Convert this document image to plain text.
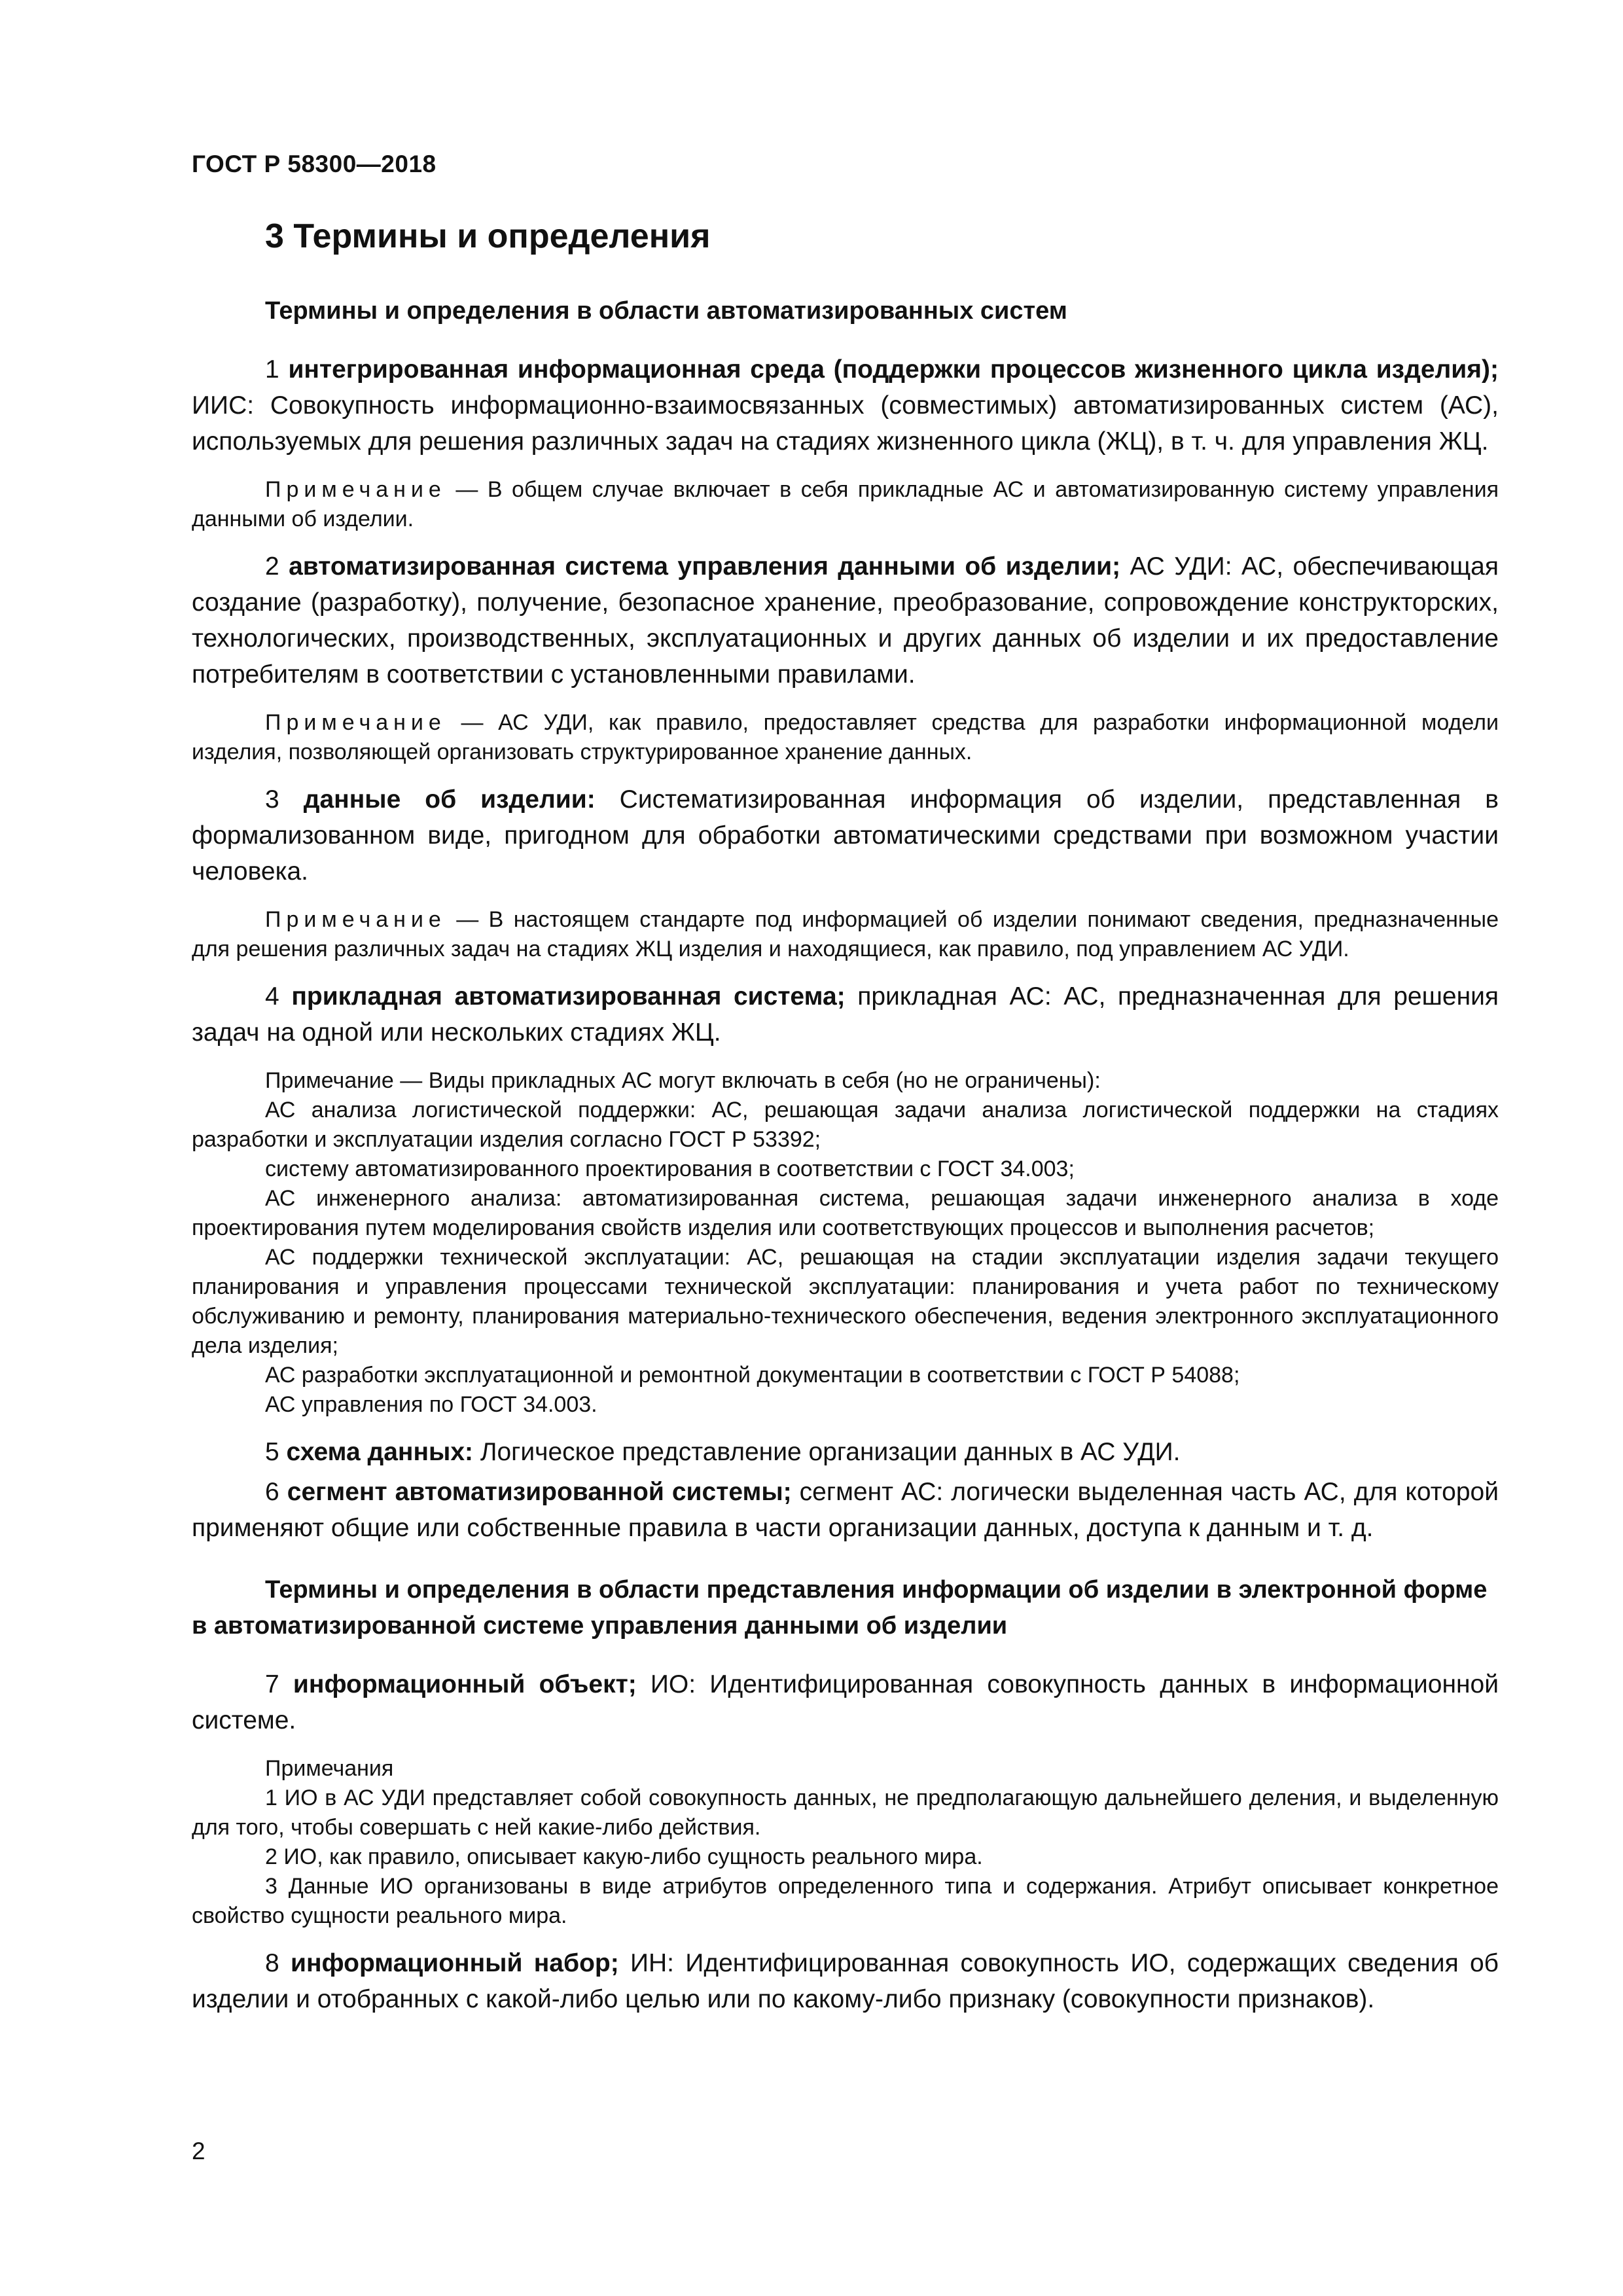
ГОСТ Р 58300—2018
3 Термины и определения
Термины и определения в области автоматизированных систем

1 интегрированная информационная среда (поддержки процессов жизненного цикла изделия); ИИС: Совокупность информационно-взаимосвязанных (совместимых) автоматизированных систем (АС), используемых для решения различных задач на стадиях жизненного цикла (ЖЦ), в т. ч. для управления ЖЦ.

Примечание — В общем случае включает в себя прикладные АС и автоматизированную систему управления данными об изделии.

2 автоматизированная система управления данными об изделии; АС УДИ: АС, обеспечивающая создание (разработку), получение, безопасное хранение, преобразование, сопровождение конструкторских, технологических, производственных, эксплуатационных и других данных об изделии и их предоставление потребителям в соответствии с установленными правилами.

Примечание — АС УДИ, как правило, предоставляет средства для разработки информационной модели изделия, позволяющей организовать структурированное хранение данных.

3 данные об изделии: Систематизированная информация об изделии, представленная в формализованном виде, пригодном для обработки автоматическими средствами при возможном участии человека.

Примечание — В настоящем стандарте под информацией об изделии понимают сведения, предназначенные для решения различных задач на стадиях ЖЦ изделия и находящиеся, как правило, под управлением АС УДИ.

4 прикладная автоматизированная система; прикладная АС: АС, предназначенная для решения задач на одной или нескольких стадиях ЖЦ.

Примечание — Виды прикладных АС могут включать в себя (но не ограничены):

АС анализа логистической поддержки: АС, решающая задачи анализа логистической поддержки на стадиях разработки и эксплуатации изделия согласно ГОСТ Р 53392;

систему автоматизированного проектирования в соответствии с ГОСТ 34.003;

АС инженерного анализа: автоматизированная система, решающая задачи инженерного анализа в ходе проектирования путем моделирования свойств изделия или соответствующих процессов и выполнения расчетов;

АС поддержки технической эксплуатации: АС, решающая на стадии эксплуатации изделия задачи текущего планирования и управления процессами технической эксплуатации: планирования и учета работ по техническому обслуживанию и ремонту, планирования материально-технического обеспечения, ведения электронного эксплуатационного дела изделия;

АС разработки эксплуатационной и ремонтной документации в соответствии с ГОСТ Р 54088;

АС управления по ГОСТ 34.003.

5 схема данных: Логическое представление организации данных в АС УДИ.

6 сегмент автоматизированной системы; сегмент АС: логически выделенная часть АС, для которой применяют общие или собственные правила в части организации данных, доступа к данным и т. д.

Термины и определения в области представления информации об изделии в электронной форме в автоматизированной системе управления данными об изделии

7 информационный объект; ИО: Идентифицированная совокупность данных в информационной системе.

Примечания

1 ИО в АС УДИ представляет собой совокупность данных, не предполагающую дальнейшего деления, и выделенную для того, чтобы совершать с ней какие-либо действия.

2 ИО, как правило, описывает какую-либо сущность реального мира.

3 Данные ИО организованы в виде атрибутов определенного типа и содержания. Атрибут описывает конкретное свойство сущности реального мира.

8 информационный набор; ИН: Идентифицированная совокупность ИО, содержащих сведения об изделии и отобранных с какой-либо целью или по какому-либо признаку (совокупности признаков).

2
